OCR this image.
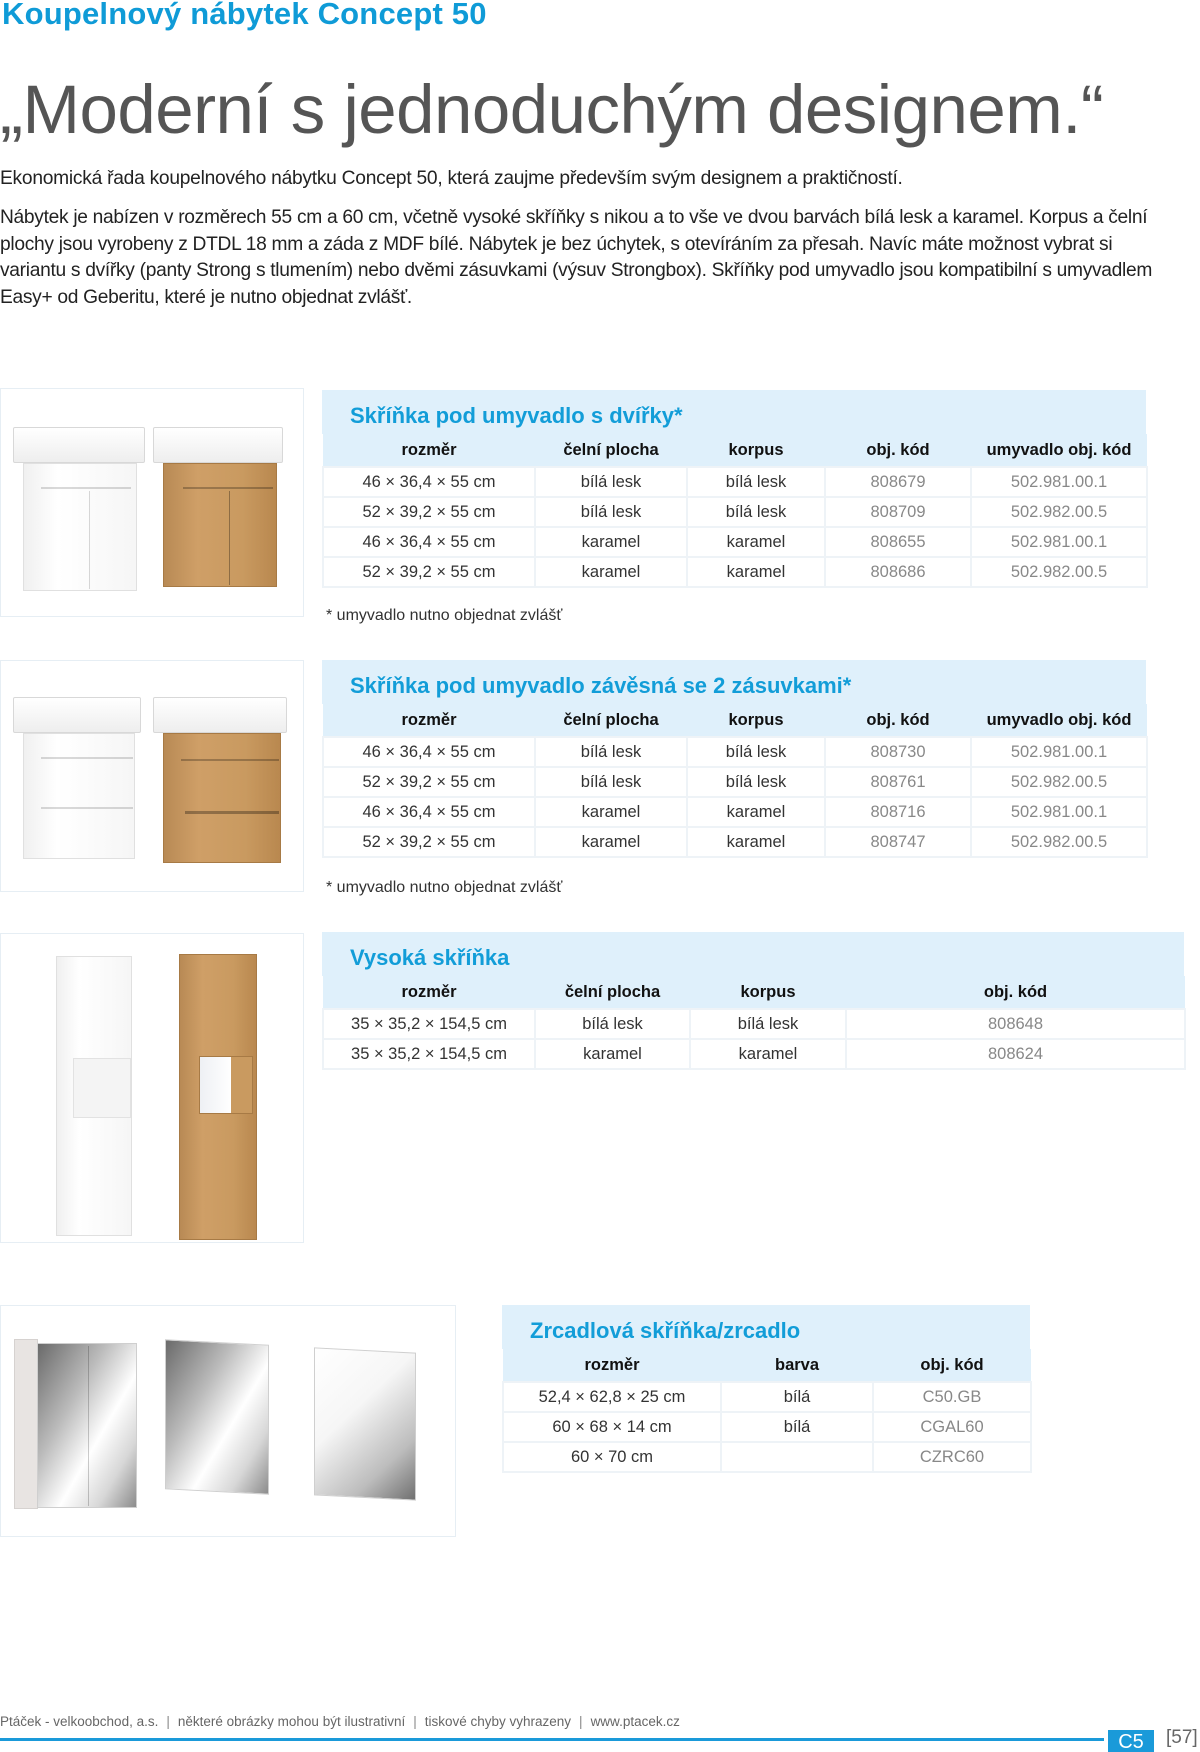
Koupelnový nábytek Concept 50
„Moderní s jednoduchým designem.“

Ekonomická řada koupelnového nábytku Concept 50, která zaujme především svým designem a praktičností.

Nábytek je nabízen v rozměrech 55 cm a 60 cm, včetně vysoké skříňky s nikou a to vše ve dvou barvách bílá lesk a karamel. Korpus a čelní plochy jsou vyrobeny z DTDL 18 mm a záda z MDF bílé. Nábytek je bez úchytek, s otevíráním za přesah. Navíc máte možnost vybrat si variantu s dvířky (panty Strong s tlumením) nebo dvěmi zásuvkami (výsuv Strongbox). Skříňky pod umyvadlo jsou kompatibilní s umyvadlem Easy+ od Geberitu, které je nutno objednat zvlášť.

Skříňka pod umyvadlo s dvířky*
rozměr	čelní plocha	korpus	obj. kód	umyvadlo obj. kód
46 × 36,4 × 55 cm	bílá lesk	bílá lesk	808679	502.981.00.1
52 × 39,2 × 55 cm	bílá lesk	bílá lesk	808709	502.982.00.5
46 × 36,4 × 55 cm	karamel	karamel	808655	502.981.00.1
52 × 39,2 × 55 cm	karamel	karamel	808686	502.982.00.5
* umyvadlo nutno objednat zvlášť
Skříňka pod umyvadlo závěsná se 2 zásuvkami*
rozměr	čelní plocha	korpus	obj. kód	umyvadlo obj. kód
46 × 36,4 × 55 cm	bílá lesk	bílá lesk	808730	502.981.00.1
52 × 39,2 × 55 cm	bílá lesk	bílá lesk	808761	502.982.00.5
46 × 36,4 × 55 cm	karamel	karamel	808716	502.981.00.1
52 × 39,2 × 55 cm	karamel	karamel	808747	502.982.00.5
* umyvadlo nutno objednat zvlášť
Vysoká skříňka
rozměr	čelní plocha	korpus	obj. kód
35 × 35,2 × 154,5 cm	bílá lesk	bílá lesk	808648
35 × 35,2 × 154,5 cm	karamel	karamel	808624
Zrcadlová skříňka/zrcadlo
rozměr	barva	obj. kód
52,4 × 62,8 × 25 cm	bílá	C50.GB
60 × 68 × 14 cm	bílá	CGAL60
60 × 70 cm		CZRC60
Ptáček - velkoobchod, a.s. | některé obrázky mohou být ilustrativní | tiskové chyby vyhrazeny | www.ptacek.cz
C5	[57]
